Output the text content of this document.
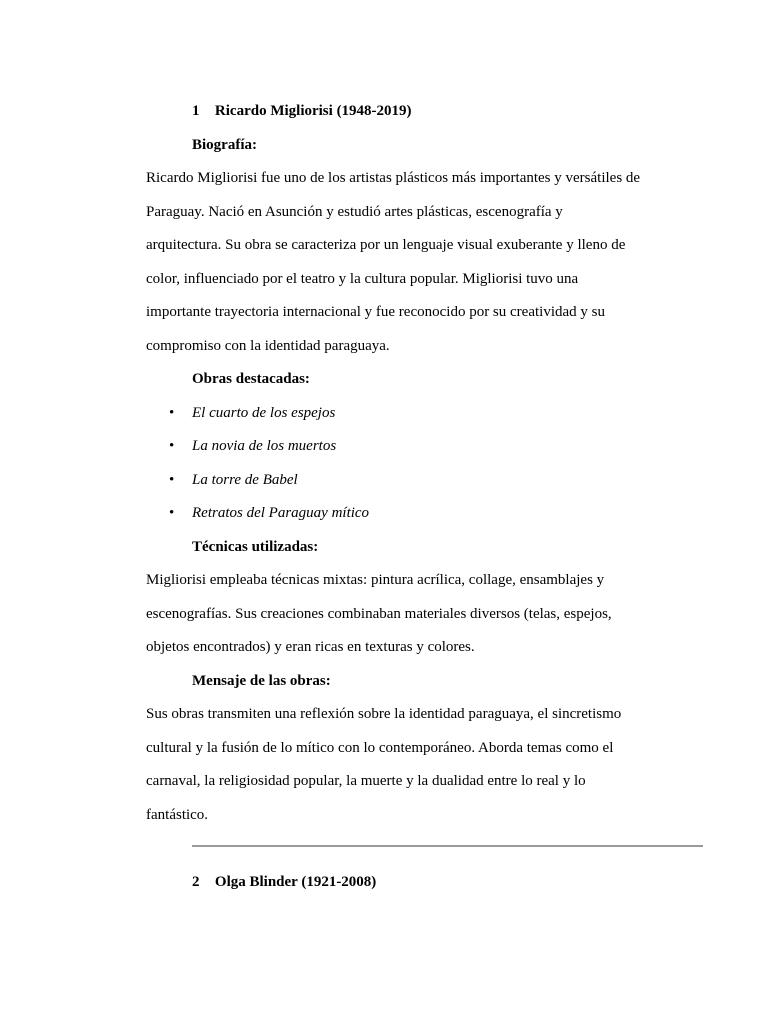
1⃣ Ricardo Migliorisi (1948-2019)
Biografía:
Ricardo Migliorisi fue uno de los artistas plásticos más importantes y versátiles de
Paraguay. Nació en Asunción y estudió artes plásticas, escenografía y
arquitectura. Su obra se caracteriza por un lenguaje visual exuberante y lleno de
color, influenciado por el teatro y la cultura popular. Migliorisi tuvo una
importante trayectoria internacional y fue reconocido por su creatividad y su
compromiso con la identidad paraguaya.
Obras destacadas:
• El cuarto de los espejos
• La novia de los muertos
• La torre de Babel
• Retratos del Paraguay mítico
Técnicas utilizadas:
Migliorisi empleaba técnicas mixtas: pintura acrílica, collage, ensamblajes y
escenografías. Sus creaciones combinaban materiales diversos (telas, espejos,
objetos encontrados) y eran ricas en texturas y colores.
Mensaje de las obras:
Sus obras transmiten una reflexión sobre la identidad paraguaya, el sincretismo
cultural y la fusión de lo mítico con lo contemporáneo. Aborda temas como el
carnaval, la religiosidad popular, la muerte y la dualidad entre lo real y lo
fantástico.
2⃣ Olga Blinder (1921-2008)
